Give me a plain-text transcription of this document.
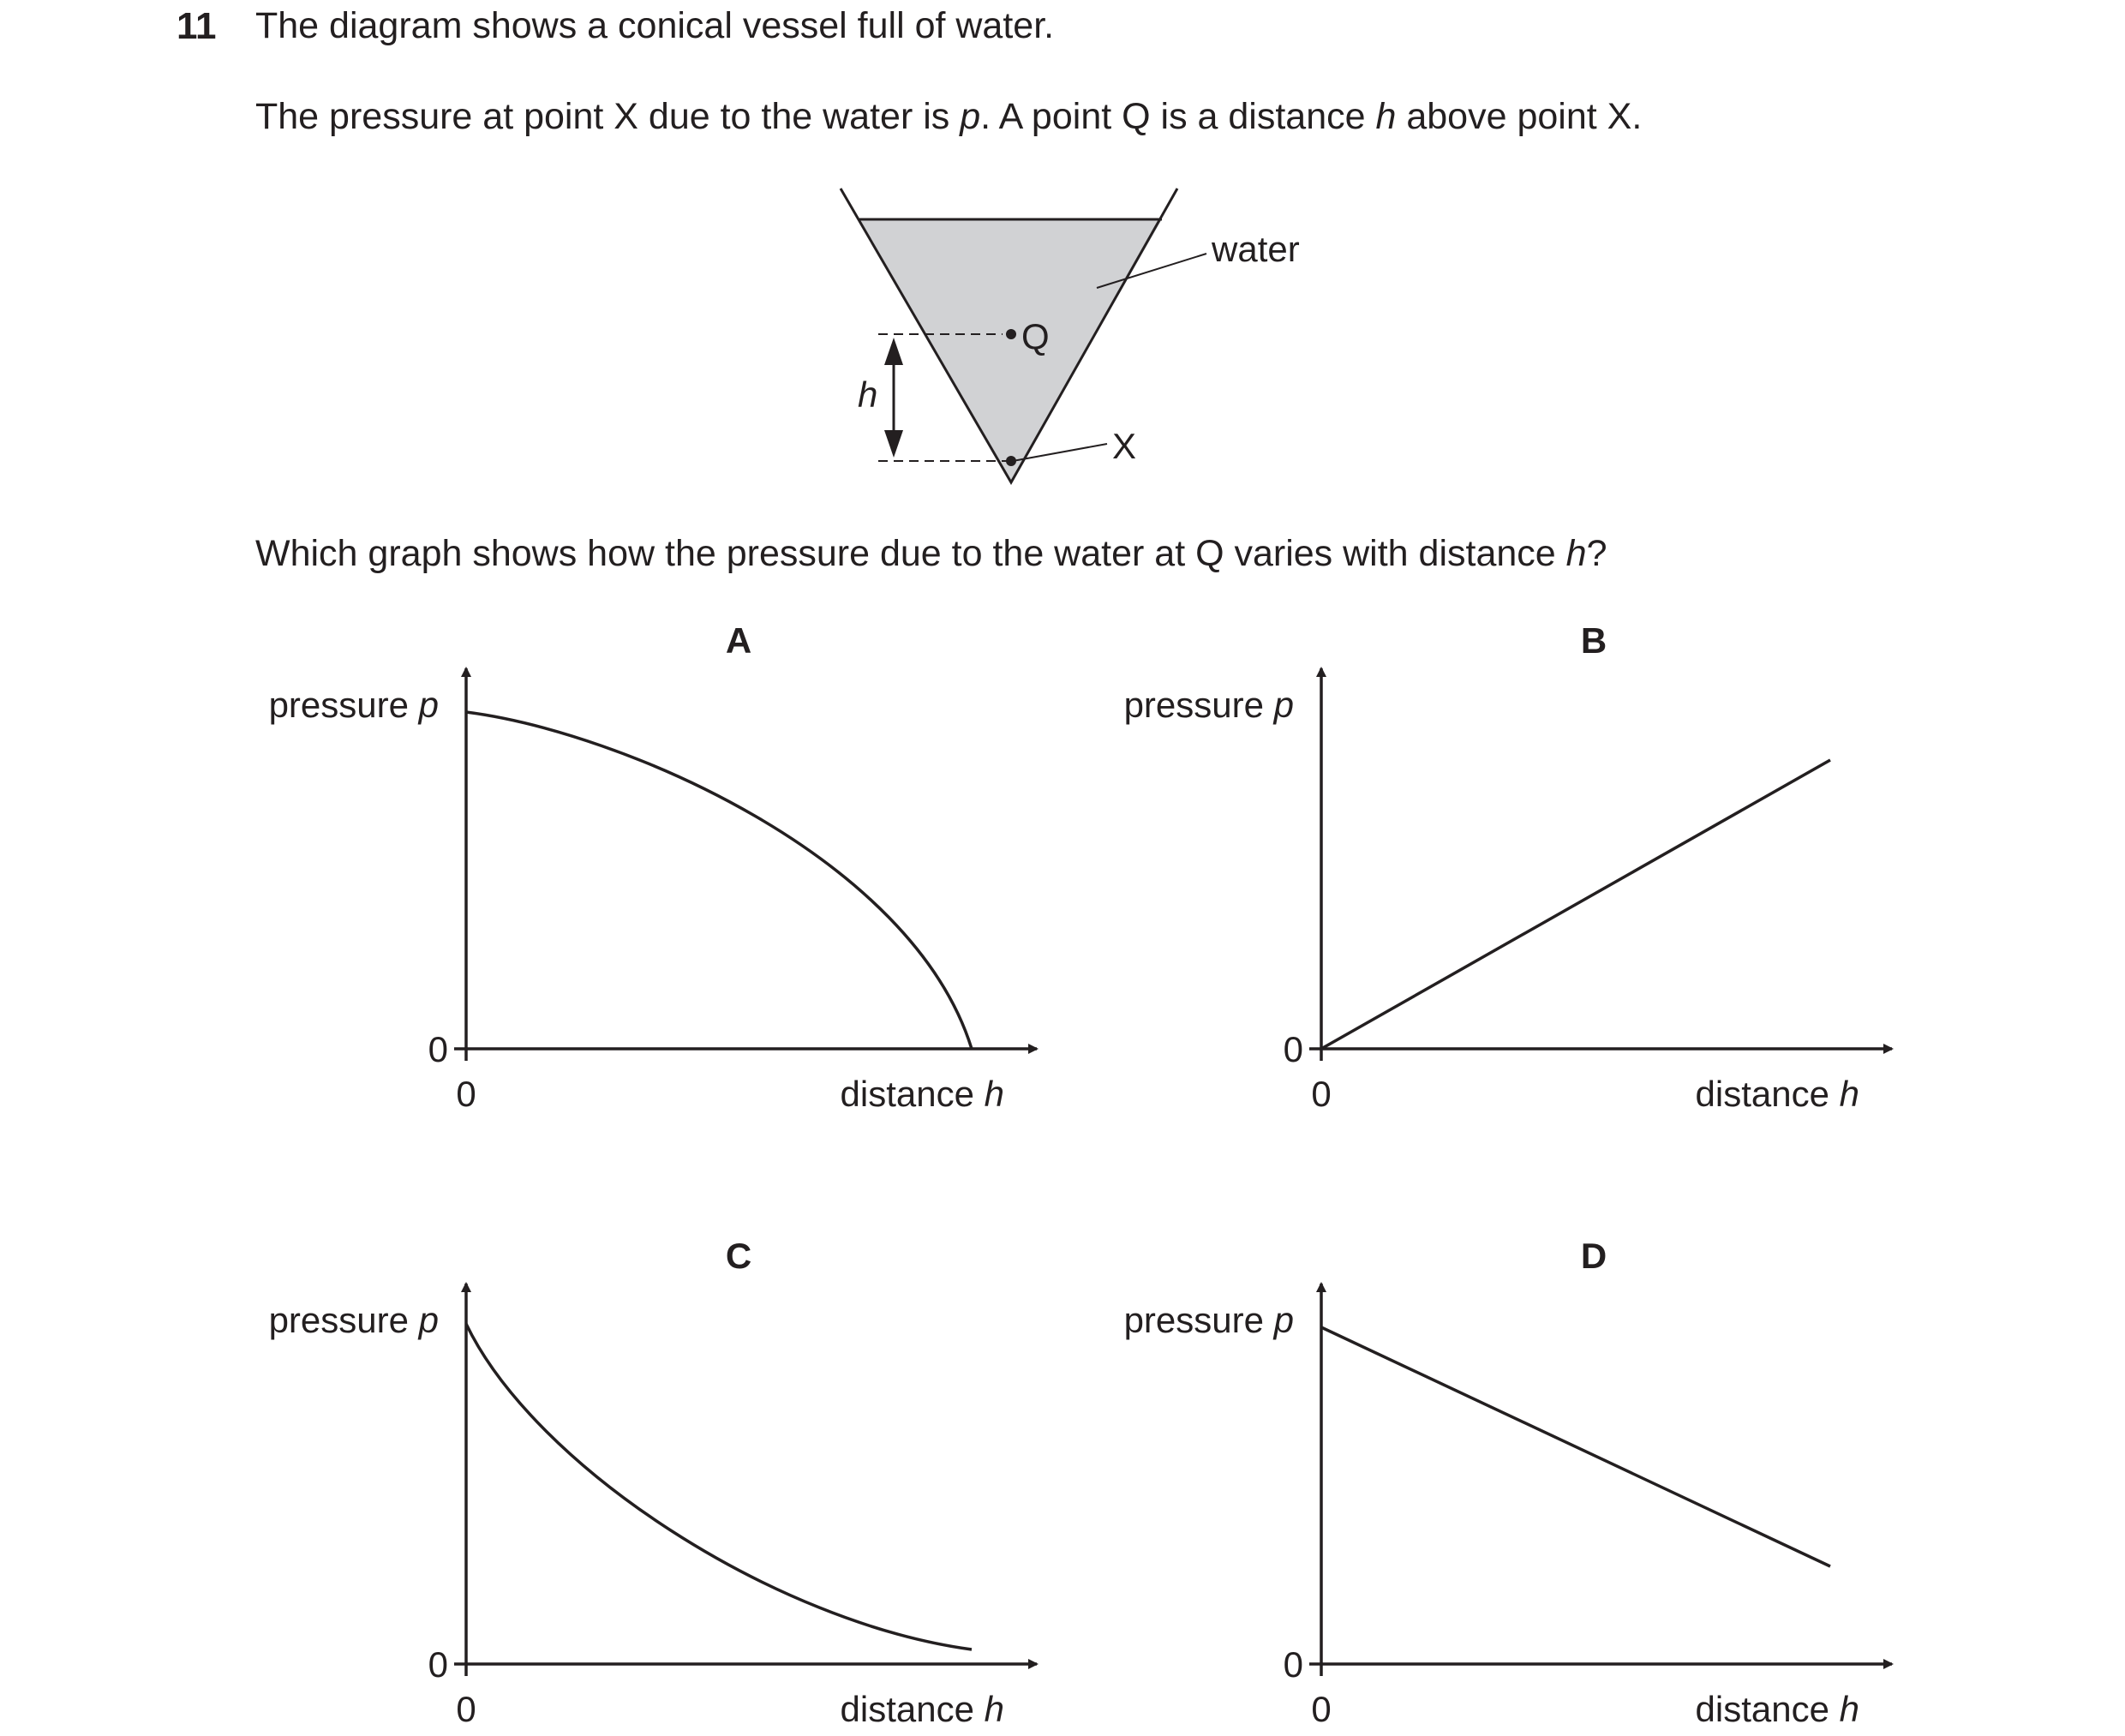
11 The diagram shows a conical vessel full of water.
The pressure at point X due to the water is p. A point Q is a distance h above point X.
Which graph shows how the pressure due to the water at Q varies with distance h?
Q
X
h
water
A
0
0
pressure p
distance h
B
0
0
pressure p
distance h
C
0
0
pressure p
distance h
D
0
0
pressure p
distance h
